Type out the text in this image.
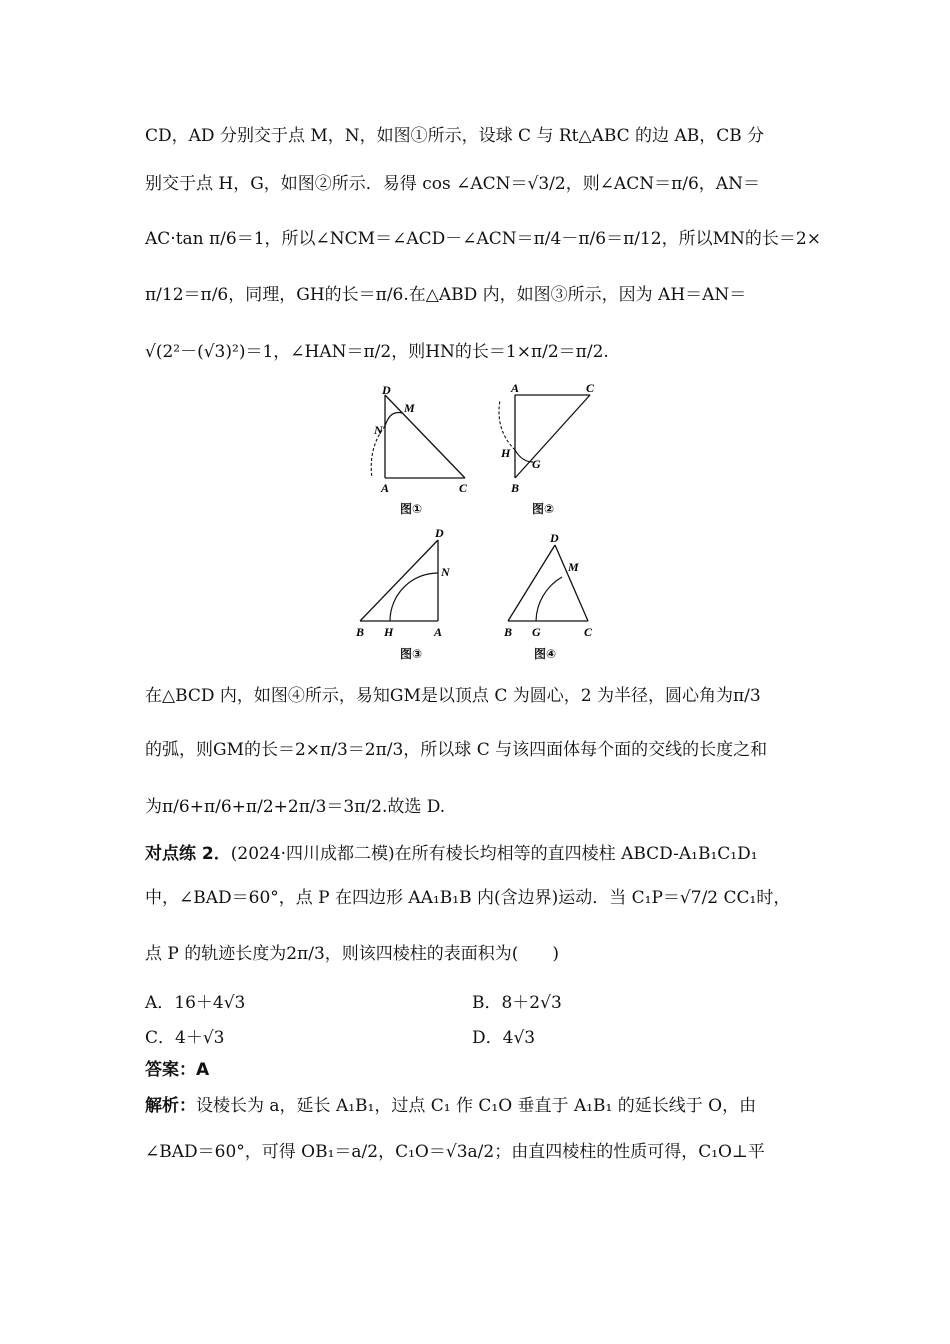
CD，AD 分别交于点 M，N，如图①所示，设球 C 与 Rt△ABC 的边 AB，CB 分
别交于点 H，G，如图②所示．易得 cos ∠ACN＝√3/2，则∠ACN＝π/6，AN＝
AC·tan π/6＝1，所以∠NCM＝∠ACD－∠ACN＝π/4－π/6＝π/12，所以MN的长＝2×
π/12＝π/6，同理，GH的长＝π/6.在△ABD 内，如图③所示，因为 AH＝AN＝
√(2²－(√3)²)＝1，∠HAN＝π/2，则HN的长＝1×π/2＝π/2.
D
M
N
A	C
图①
A	C
H
G
B
图②
D
N
B H	A
图③
D
M
B G	C
图④
在△BCD 内，如图④所示，易知GM是以顶点 C 为圆心，2 为半径，圆心角为π/3
的弧，则GM的长＝2×π/3＝2π/3，所以球 C 与该四面体每个面的交线的长度之和
为π/6+π/6+π/2+2π/3＝3π/2.故选 D.
对点练 2．(2024·四川成都二模)在所有棱长均相等的直四棱柱 ABCD-A₁B₁C₁D₁
中，∠BAD＝60°，点 P 在四边形 AA₁B₁B 内(含边界)运动．当 C₁P＝√7/2 CC₁时，
点 P 的轨迹长度为2π/3，则该四棱柱的表面积为(　　)
A．16＋4√3	B．8＋2√3
C．4＋√3	D．4√3
答案：A
解析：设棱长为 a，延长 A₁B₁，过点 C₁ 作 C₁O 垂直于 A₁B₁ 的延长线于 O，由
∠BAD＝60°，可得 OB₁＝a/2，C₁O＝√3a/2；由直四棱柱的性质可得，C₁O⊥平
